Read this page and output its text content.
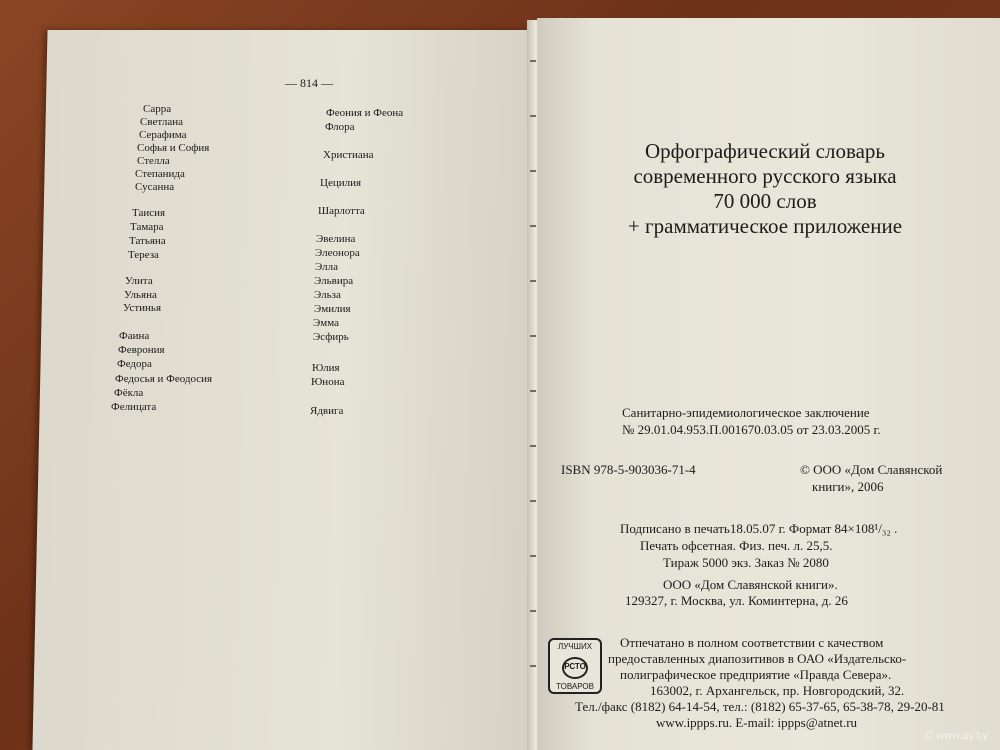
— 814 —
Сарра
Светлана
Серафима
Софья и София
Стелла
Степанида
Сусанна
Таисия
Тамара
Татьяна
Тереза
Улита
Ульяна
Устинья
Фаина
Феврония
Федора
Федосья и Феодосия
Фёкла
Фелицата
Феония и Феона
Флора
Христиана
Цецилия
Шарлотта
Эвелина
Элеонора
Элла
Эльвира
Эльза
Эмилия
Эмма
Эсфирь
Юлия
Юнона
Ядвига
Орфографический словарь
современного русского языка
70 000 слов
+ грамматическое приложение
Санитарно-эпидемиологическое заключение
№ 29.01.04.953.П.001670.03.05 от 23.03.2005 г.
ISBN 978-5-903036-71-4	© ООО «Дом Славянской
книги», 2006
Подписано в печать18.05.07 г. Формат 84×108¹/₃₂ .
Печать офсетная. Физ. печ. л. 25,5.
Тираж 5000 экз. Заказ № 2080
ООО «Дом Славянской книги».
129327, г. Москва, ул. Коминтерна, д. 26
ЛУЧШИХ
РСТО
ТОВАРОВ
Отпечатано в полном соответствии с качеством
предоставленных диапозитивов в ОАО «Издательско-
полиграфическое предприятие «Правда Севера».
163002, г. Архангельск, пр. Новгородский, 32.
Тел./факс (8182) 64-14-54, тел.: (8182) 65-37-65, 65-38-78, 29-20-81
www.ippps.ru. E-mail: ippps@atnet.ru
© www.ay.by
